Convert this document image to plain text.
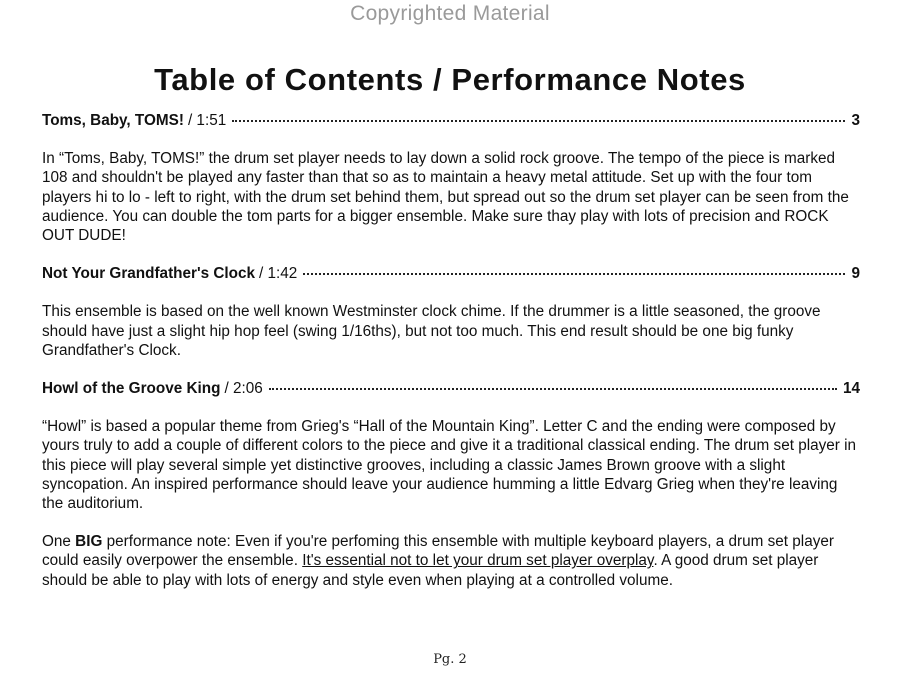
Copyrighted Material
Table of Contents / Performance Notes
Toms, Baby, TOMS! / 1:51	3

In “Toms, Baby, TOMS!” the drum set player needs to lay down a solid rock groove. The tempo of the piece is marked 108 and shouldn't be played any faster than that so as to maintain a heavy metal attitude. Set up with the four tom players hi to lo - left to right, with the drum set behind them, but spread out so the drum set player can be seen from the audience. You can double the tom parts for a bigger ensemble. Make sure thay play with lots of precision and ROCK OUT DUDE!

Not Your Grandfather's Clock / 1:42	9

This ensemble is based on the well known Westminster clock chime. If the drummer is a little seasoned, the groove should have just a slight hip hop feel (swing 1/16ths), but not too much. This end result should be one big funky Grandfather's Clock.

Howl of the Groove King / 2:06	14

“Howl” is based a popular theme from Grieg's “Hall of the Mountain King”. Letter C and the ending were composed by yours truly to add a couple of different colors to the piece and give it a traditional classical ending. The drum set player in this piece will play several simple yet distinctive grooves, including a classic James Brown groove with a slight syncopation. An inspired performance should leave your audience humming a little Edvarg Grieg when they're leaving the auditorium.

One BIG performance note: Even if you're perfoming this ensemble with multiple keyboard players, a drum set player could easily overpower the ensemble. It's essential not to let your drum set player overplay. A good drum set player should be able to play with lots of energy and style even when playing at a controlled volume.

Pg. 2
